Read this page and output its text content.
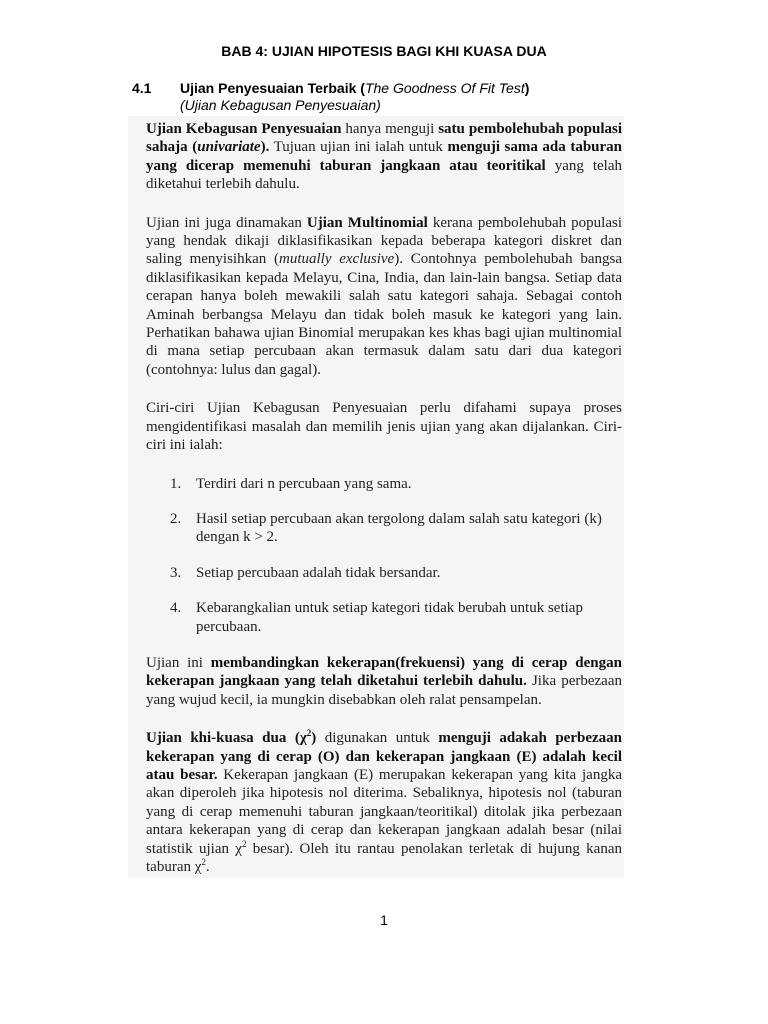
BAB 4: UJIAN HIPOTESIS BAGI KHI KUASA DUA
4.1 Ujian Penyesuaian Terbaik (The Goodness Of Fit Test)
(Ujian Kebagusan Penyesuaian)

Ujian Kebagusan Penyesuaian hanya menguji satu pembolehubah populasi sahaja (univariate). Tujuan ujian ini ialah untuk menguji sama ada taburan yang dicerap memenuhi taburan jangkaan atau teoritikal yang telah diketahui terlebih dahulu.

Ujian ini juga dinamakan Ujian Multinomial kerana pembolehubah populasi yang hendak dikaji diklasifikasikan kepada beberapa kategori diskret dan saling menyisihkan (mutually exclusive). Contohnya pembolehubah bangsa diklasifikasikan kepada Melayu, Cina, India, dan lain-lain bangsa. Setiap data cerapan hanya boleh mewakili salah satu kategori sahaja. Sebagai contoh Aminah berbangsa Melayu dan tidak boleh masuk ke kategori yang lain. Perhatikan bahawa ujian Binomial merupakan kes khas bagi ujian multinomial di mana setiap percubaan akan termasuk dalam satu dari dua kategori (contohnya: lulus dan gagal).

Ciri-ciri Ujian Kebagusan Penyesuaian perlu difahami supaya proses mengidentifikasi masalah dan memilih jenis ujian yang akan dijalankan. Ciri-ciri ini ialah:

1. Terdiri dari n percubaan yang sama.
2. Hasil setiap percubaan akan tergolong dalam salah satu kategori (k) dengan k > 2.
3. Setiap percubaan adalah tidak bersandar.
4. Kebarangkalian untuk setiap kategori tidak berubah untuk setiap percubaan.

Ujian ini membandingkan kekerapan(frekuensi) yang di cerap dengan kekerapan jangkaan yang telah diketahui terlebih dahulu. Jika perbezaan yang wujud kecil, ia mungkin disebabkan oleh ralat pensampelan.

Ujian khi-kuasa dua $(\chi^2)$ digunakan untuk menguji adakah perbezaan kekerapan yang di cerap (O) dan kekerapan jangkaan (E) adalah kecil atau besar. Kekerapan jangkaan (E) merupakan kekerapan yang kita jangka akan diperoleh jika hipotesis nol diterima. Sebaliknya, hipotesis nol (taburan yang di cerap memenuhi taburan jangkaan/teoritikal) ditolak jika perbezaan antara kekerapan yang di cerap dan kekerapan jangkaan adalah besar (nilai statistik ujian $\chi^2$ besar). Oleh itu rantau penolakan terletak di hujung kanan taburan $\chi^2$.

1
